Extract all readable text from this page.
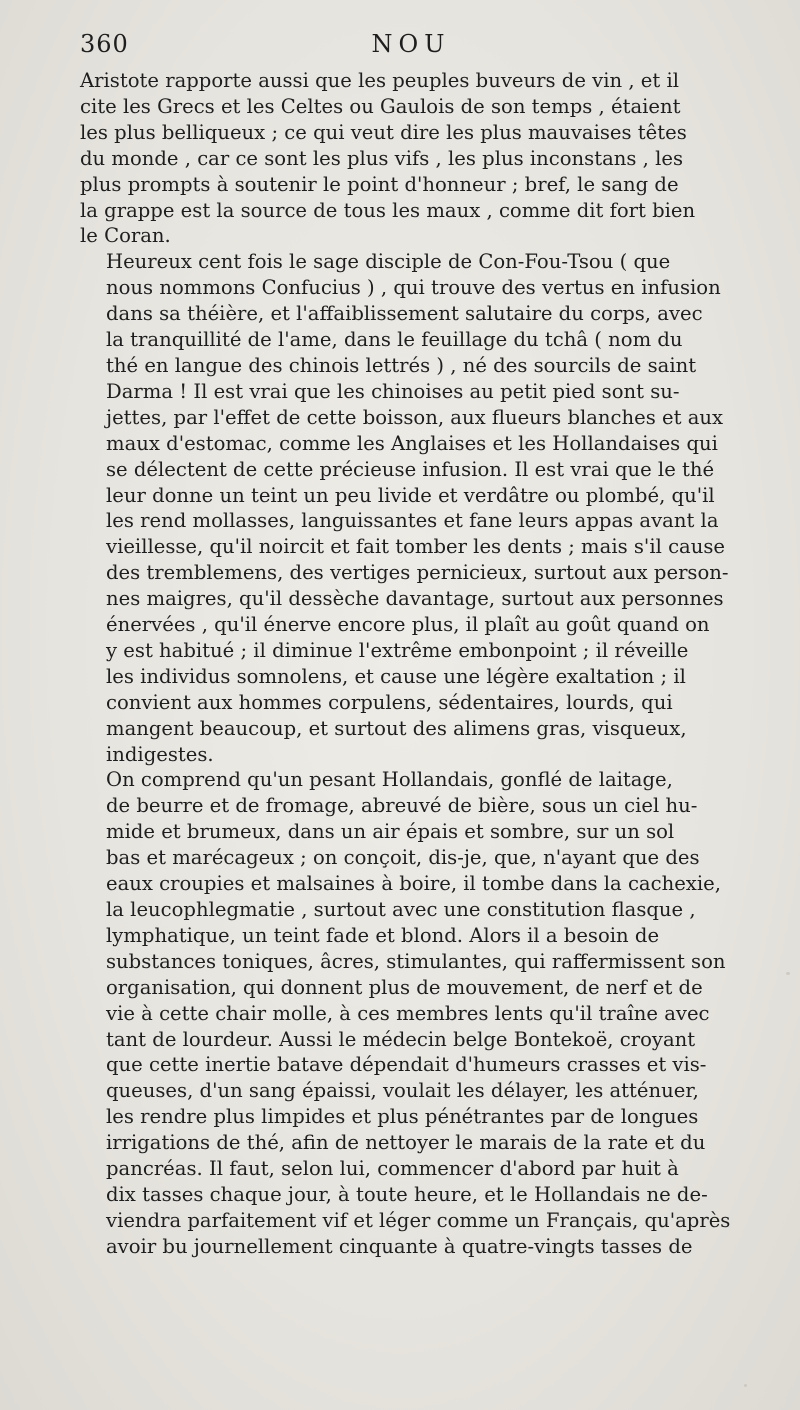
360	NOU

Aristote rapporte aussi que les peuples buveurs de vin , et il
cite les Grecs et les Celtes ou Gaulois de son temps , étaient
les plus belliqueux ; ce qui veut dire les plus mauvaises têtes
du monde , car ce sont les plus vifs , les plus inconstans , les
plus prompts à soutenir le point d'honneur ; bref, le sang de
la grappe est la source de tous les maux , comme dit fort bien
le Coran.

Heureux cent fois le sage disciple de Con-Fou-Tsou ( que
nous nommons Confucius ) , qui trouve des vertus en infusion
dans sa théière, et l'affaiblissement salutaire du corps, avec
la tranquillité de l'ame, dans le feuillage du tchâ ( nom du
thé en langue des chinois lettrés ) , né des sourcils de saint
Darma ! Il est vrai que les chinoises au petit pied sont su-
jettes, par l'effet de cette boisson, aux flueurs blanches et aux
maux d'estomac, comme les Anglaises et les Hollandaises qui
se délectent de cette précieuse infusion. Il est vrai que le thé
leur donne un teint un peu livide et verdâtre ou plombé, qu'il
les rend mollasses, languissantes et fane leurs appas avant la
vieillesse, qu'il noircit et fait tomber les dents ; mais s'il cause
des tremblemens, des vertiges pernicieux, surtout aux person-
nes maigres, qu'il dessèche davantage, surtout aux personnes
énervées , qu'il énerve encore plus, il plaît au goût quand on
y est habitué ; il diminue l'extrême embonpoint ; il réveille
les individus somnolens, et cause une légère exaltation ; il
convient aux hommes corpulens, sédentaires, lourds, qui
mangent beaucoup, et surtout des alimens gras, visqueux,
indigestes.

On comprend qu'un pesant Hollandais, gonflé de laitage,
de beurre et de fromage, abreuvé de bière, sous un ciel hu-
mide et brumeux, dans un air épais et sombre, sur un sol
bas et marécageux ; on conçoit, dis-je, que, n'ayant que des
eaux croupies et malsaines à boire, il tombe dans la cachexie,
la leucophlegmatie , surtout avec une constitution flasque ,
lymphatique, un teint fade et blond. Alors il a besoin de
substances toniques, âcres, stimulantes, qui raffermissent son
organisation, qui donnent plus de mouvement, de nerf et de
vie à cette chair molle, à ces membres lents qu'il traîne avec
tant de lourdeur. Aussi le médecin belge Bontekoë, croyant
que cette inertie batave dépendait d'humeurs crasses et vis-
queuses, d'un sang épaissi, voulait les délayer, les atténuer,
les rendre plus limpides et plus pénétrantes par de longues
irrigations de thé, afin de nettoyer le marais de la rate et du
pancréas. Il faut, selon lui, commencer d'abord par huit à
dix tasses chaque jour, à toute heure, et le Hollandais ne de-
viendra parfaitement vif et léger comme un Français, qu'après
avoir bu journellement cinquante à quatre-vingts tasses de
